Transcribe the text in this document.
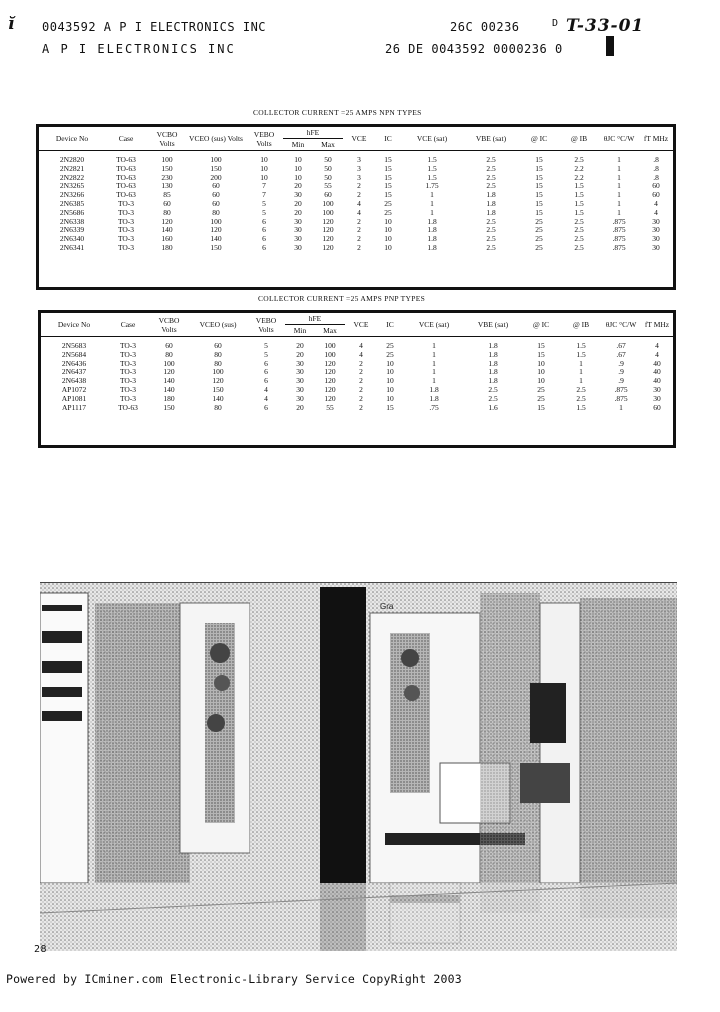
ĭ 0043592 A P I ELECTRONICS INC	26C 00236	D T-33-01
A P I ELECTRONICS INC	26 DE 0043592 0000236 0
COLLECTOR CURRENT =25 AMPS NPN TYPES
Device No	Case	VCBO Volts	VCEO (sus) Volts	VEBO Volts	hFE		VCE	IC	VCE (sat)	VBE (sat)	@ IC	@ IB	θJC °C/W	fT MHz
					Min	Max								
2N2820	TO-63	100	100	10	10	50	3	15	1.5	2.5	15	2.5	1	.8
2N2821	TO-63	150	150	10	10	50	3	15	1.5	2.5	15	2.2	1	.8
2N2822	TO-63	230	200	10	10	50	3	15	1.5	2.5	15	2.2	1	.8
2N3265	TO-63	130	60	7	20	55	2	15	1.75	2.5	15	1.5	1	60
2N3266	TO-63	85	60	7	30	60	2	15	1	1.8	15	1.5	1	60
2N6385	TO-3	60	60	5	20	100	4	25	1	1.8	15	1.5	1	4
2N5686	TO-3	80	80	5	20	100	4	25	1	1.8	15	1.5	1	4
2N6338	TO-3	120	100	6	30	120	2	10	1.8	2.5	25	2.5	.875	30
2N6339	TO-3	140	120	6	30	120	2	10	1.8	2.5	25	2.5	.875	30
2N6340	TO-3	160	140	6	30	120	2	10	1.8	2.5	25	2.5	.875	30
2N6341	TO-3	180	150	6	30	120	2	10	1.8	2.5	25	2.5	.875	30
COLLECTOR CURRENT =25 AMPS PNP TYPES
Device No	Case	VCBO Volts	VCEO (sus)	VEBO Volts	hFE		VCE	IC	VCE (sat)	VBE (sat)	@ IC	@ IB	θJC °C/W	fT MHz
					Min	Max								
2N5683	TO-3	60	60	5	20	100	4	25	1	1.8	15	1.5	.67	4
2N5684	TO-3	80	80	5	20	100	4	25	1	1.8	15	1.5	.67	4
2N6436	TO-3	100	80	6	30	120	2	10	1	1.8	10	1	.9	40
2N6437	TO-3	120	100	6	30	120	2	10	1	1.8	10	1	.9	40
2N6438	TO-3	140	120	6	30	120	2	10	1	1.8	10	1	.9	40
AP1072	TO-3	140	150	4	30	120	2	10	1.8	2.5	25	2.5	.875	30
AP1081	TO-3	180	140	4	30	120	2	10	1.8	2.5	25	2.5	.875	30
AP1117	TO-63	150	80	6	20	55	2	15	.75	1.6	15	1.5	1	60
Gra
28
Powered by ICminer.com Electronic-Library Service CopyRight 2003
